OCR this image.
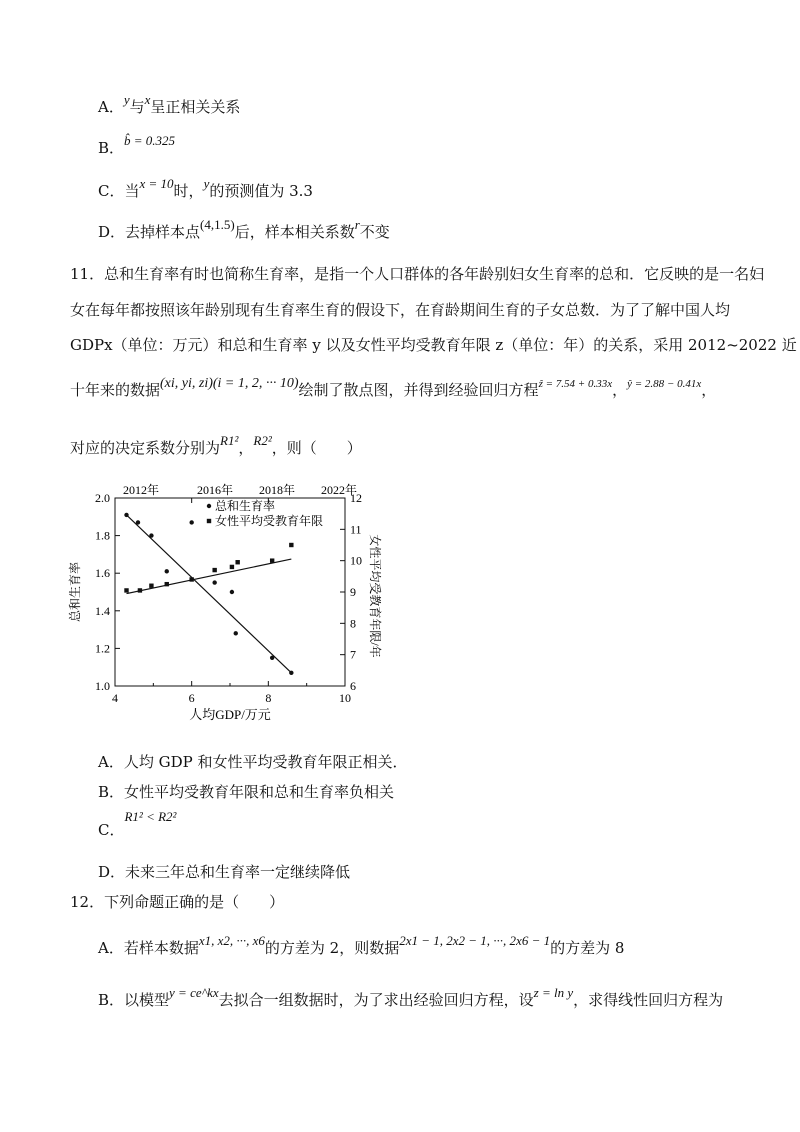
A．y与x呈正相关关系
B．b̂ = 0.325
C．当x = 10时，y的预测值为 3.3
D．去掉样本点(4,1.5)后，样本相关系数r不变
11．总和生育率有时也简称生育率，是指一个人口群体的各年龄别妇女生育率的总和．它反映的是一名妇
女在每年都按照该年龄别现有生育率生育的假设下，在育龄期间生育的子女总数．为了了解中国人均
GDPx（单位：万元）和总和生育率 y 以及女性平均受教育年限 z（单位：年）的关系，采用 2012~2022 近
十年来的数据(xi, yi, zi)(i = 1, 2, ··· 10)绘制了散点图，并得到经验回归方程$^{ẑ = 7.54 + 0.33x}$，$^{ŷ = 2.88 - 0.41x}$，
对应的决定系数分别为R1²，R2²，则（　　）
4	6	8	10
1.0
1.2
1.4
1.6
1.8
2.0
6
7
8
9
10
11
12
2012年	2016年 2018年 2022年
人均GDP/万元
总和生育率	女性平均受教育年限/年
总和生育率
女性平均受教育年限
A．人均 GDP 和女性平均受教育年限正相关．
B．女性平均受教育年限和总和生育率负相关
C．R1² < R2²
D．未来三年总和生育率一定继续降低
12．下列命题正确的是（　　）
A．若样本数据x1, x2, ···, x6的方差为 2，则数据2x1 − 1, 2x2 − 1, ···, 2x6 − 1的方差为 8
B．以模型y = ce^kx去拟合一组数据时，为了求出经验回归方程，设z = ln y，求得线性回归方程为
